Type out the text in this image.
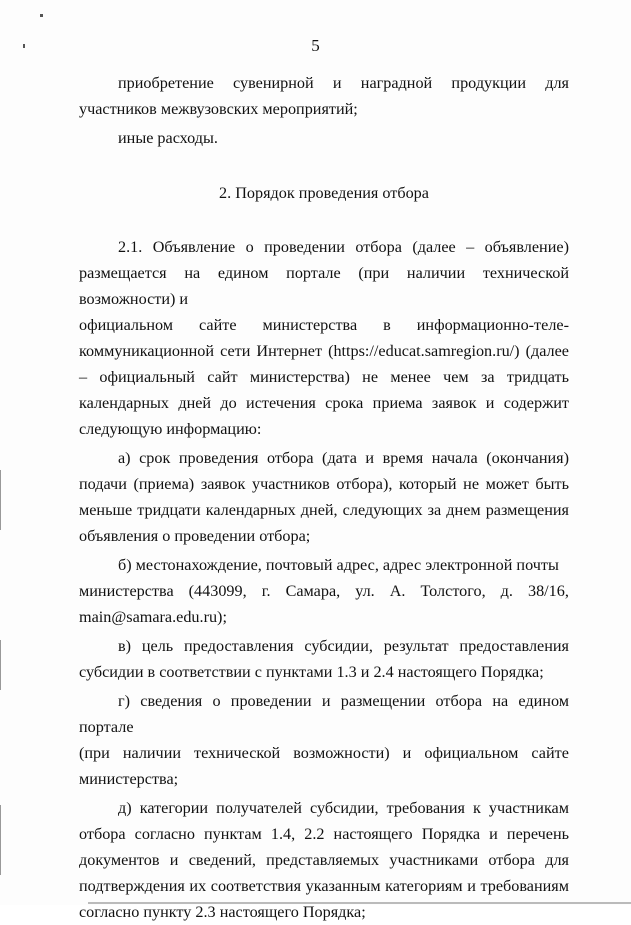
5

приобретение сувенирной и наградной продукции для участников межвузовских мероприятий;

иные расходы.

2. Порядок проведения отбора

2.1. Объявление о проведении отбора (далее – объявление)

размещается на едином портале (при наличии технической возможности) и

официальном сайте министерства в информационно-теле-

коммуникационной сети Интернет (https://educat.samregion.ru/) (далее – официальный сайт министерства) не менее чем за тридцать календарных дней до истечения срока приема заявок и содержит следующую информацию:

а) срок проведения отбора (дата и время начала (окончания) подачи (приема) заявок участников отбора), который не может быть меньше тридцати календарных дней, следующих за днем размещения объявления о проведении отбора;

б) местонахождение, почтовый адрес, адрес электронной почты

министерства (443099, г. Самара, ул. А. Толстого, д. 38/16,

main@samara.edu.ru);

в) цель предоставления субсидии, результат предоставления субсидии в соответствии с пунктами 1.3 и 2.4 настоящего Порядка;

г) сведения о проведении и размещении отбора на едином портале

(при наличии технической возможности) и официальном сайте

министерства;

д) категории получателей субсидии, требования к участникам отбора согласно пунктам 1.4, 2.2 настоящего Порядка и перечень документов и сведений, представляемых участниками отбора для подтверждения их соответствия указанным категориям и требованиям согласно пункту 2.3 настоящего Порядка;
